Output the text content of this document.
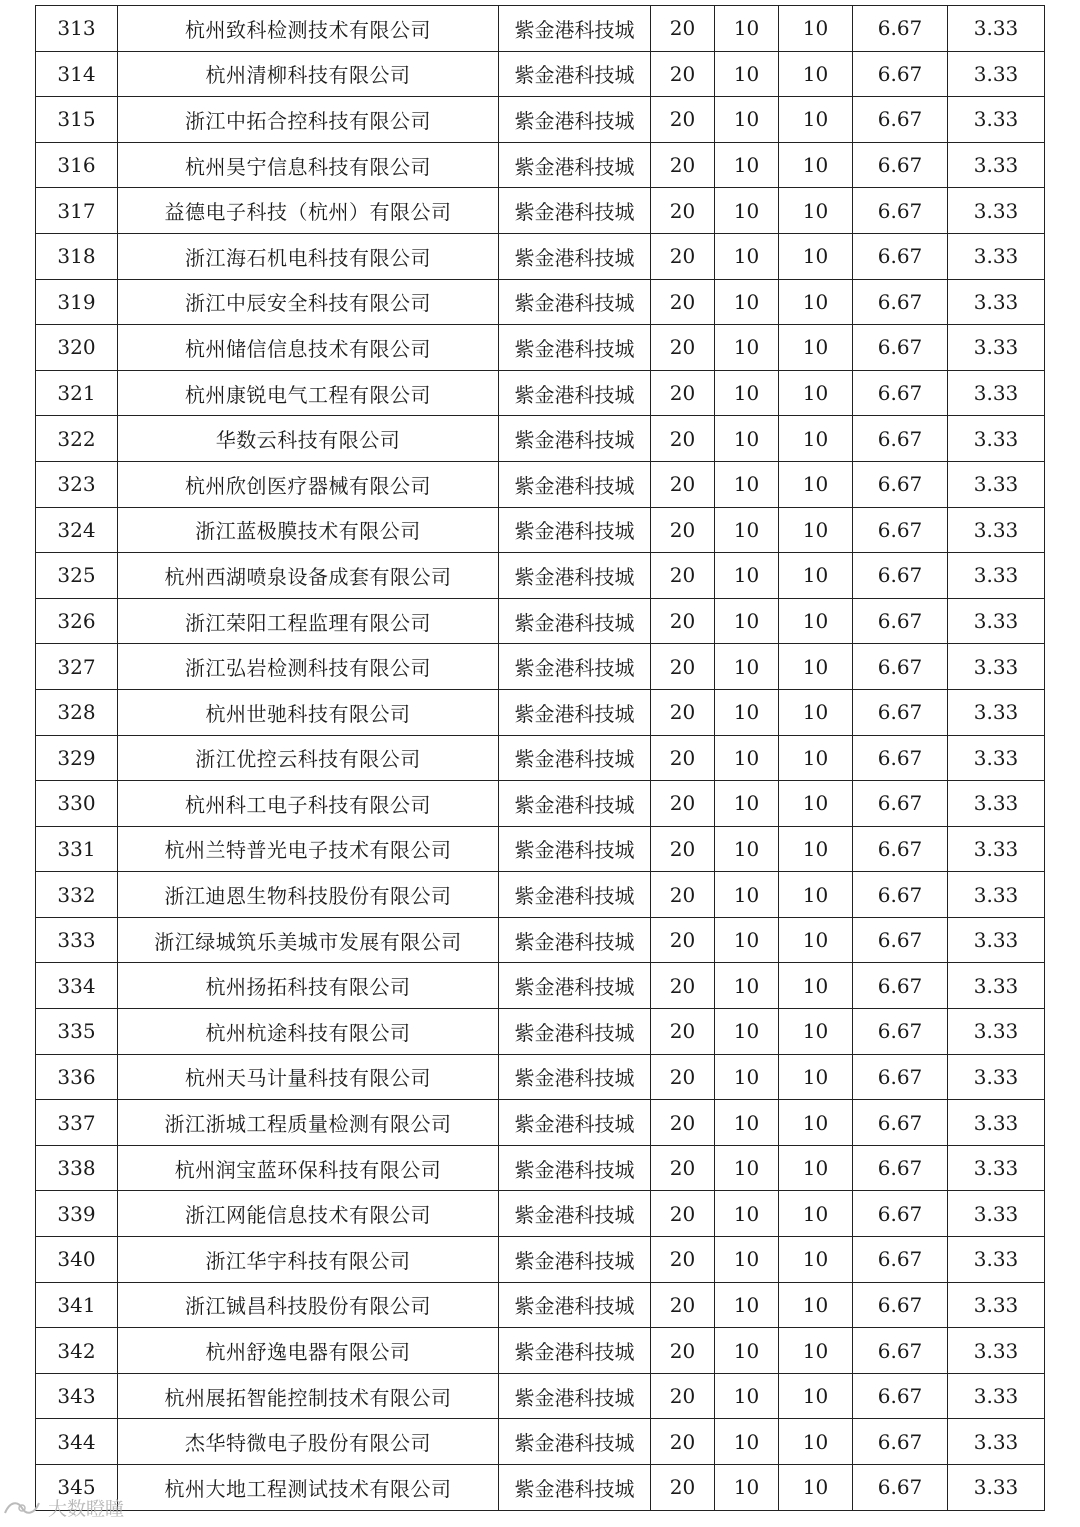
313	杭州致科检测技术有限公司	紫金港科技城	20	10	10	6.67	3.33
314	杭州清柳科技有限公司	紫金港科技城	20	10	10	6.67	3.33
315	浙江中拓合控科技有限公司	紫金港科技城	20	10	10	6.67	3.33
316	杭州昊宁信息科技有限公司	紫金港科技城	20	10	10	6.67	3.33
317	益德电子科技（杭州）有限公司	紫金港科技城	20	10	10	6.67	3.33
318	浙江海石机电科技有限公司	紫金港科技城	20	10	10	6.67	3.33
319	浙江中辰安全科技有限公司	紫金港科技城	20	10	10	6.67	3.33
320	杭州储信信息技术有限公司	紫金港科技城	20	10	10	6.67	3.33
321	杭州康锐电气工程有限公司	紫金港科技城	20	10	10	6.67	3.33
322	华数云科技有限公司	紫金港科技城	20	10	10	6.67	3.33
323	杭州欣创医疗器械有限公司	紫金港科技城	20	10	10	6.67	3.33
324	浙江蓝极膜技术有限公司	紫金港科技城	20	10	10	6.67	3.33
325	杭州西湖喷泉设备成套有限公司	紫金港科技城	20	10	10	6.67	3.33
326	浙江荣阳工程监理有限公司	紫金港科技城	20	10	10	6.67	3.33
327	浙江弘岩检测科技有限公司	紫金港科技城	20	10	10	6.67	3.33
328	杭州世驰科技有限公司	紫金港科技城	20	10	10	6.67	3.33
329	浙江优控云科技有限公司	紫金港科技城	20	10	10	6.67	3.33
330	杭州科工电子科技有限公司	紫金港科技城	20	10	10	6.67	3.33
331	杭州兰特普光电子技术有限公司	紫金港科技城	20	10	10	6.67	3.33
332	浙江迪恩生物科技股份有限公司	紫金港科技城	20	10	10	6.67	3.33
333	浙江绿城筑乐美城市发展有限公司	紫金港科技城	20	10	10	6.67	3.33
334	杭州扬拓科技有限公司	紫金港科技城	20	10	10	6.67	3.33
335	杭州杭途科技有限公司	紫金港科技城	20	10	10	6.67	3.33
336	杭州天马计量科技有限公司	紫金港科技城	20	10	10	6.67	3.33
337	浙江浙城工程质量检测有限公司	紫金港科技城	20	10	10	6.67	3.33
338	杭州润宝蓝环保科技有限公司	紫金港科技城	20	10	10	6.67	3.33
339	浙江网能信息技术有限公司	紫金港科技城	20	10	10	6.67	3.33
340	浙江华宇科技有限公司	紫金港科技城	20	10	10	6.67	3.33
341	浙江铖昌科技股份有限公司	紫金港科技城	20	10	10	6.67	3.33
342	杭州舒逸电器有限公司	紫金港科技城	20	10	10	6.67	3.33
343	杭州展拓智能控制技术有限公司	紫金港科技城	20	10	10	6.67	3.33
344	杰华特微电子股份有限公司	紫金港科技城	20	10	10	6.67	3.33
345	杭州大地工程测试技术有限公司	紫金港科技城	20	10	10	6.67	3.33
大数瞪瞳
